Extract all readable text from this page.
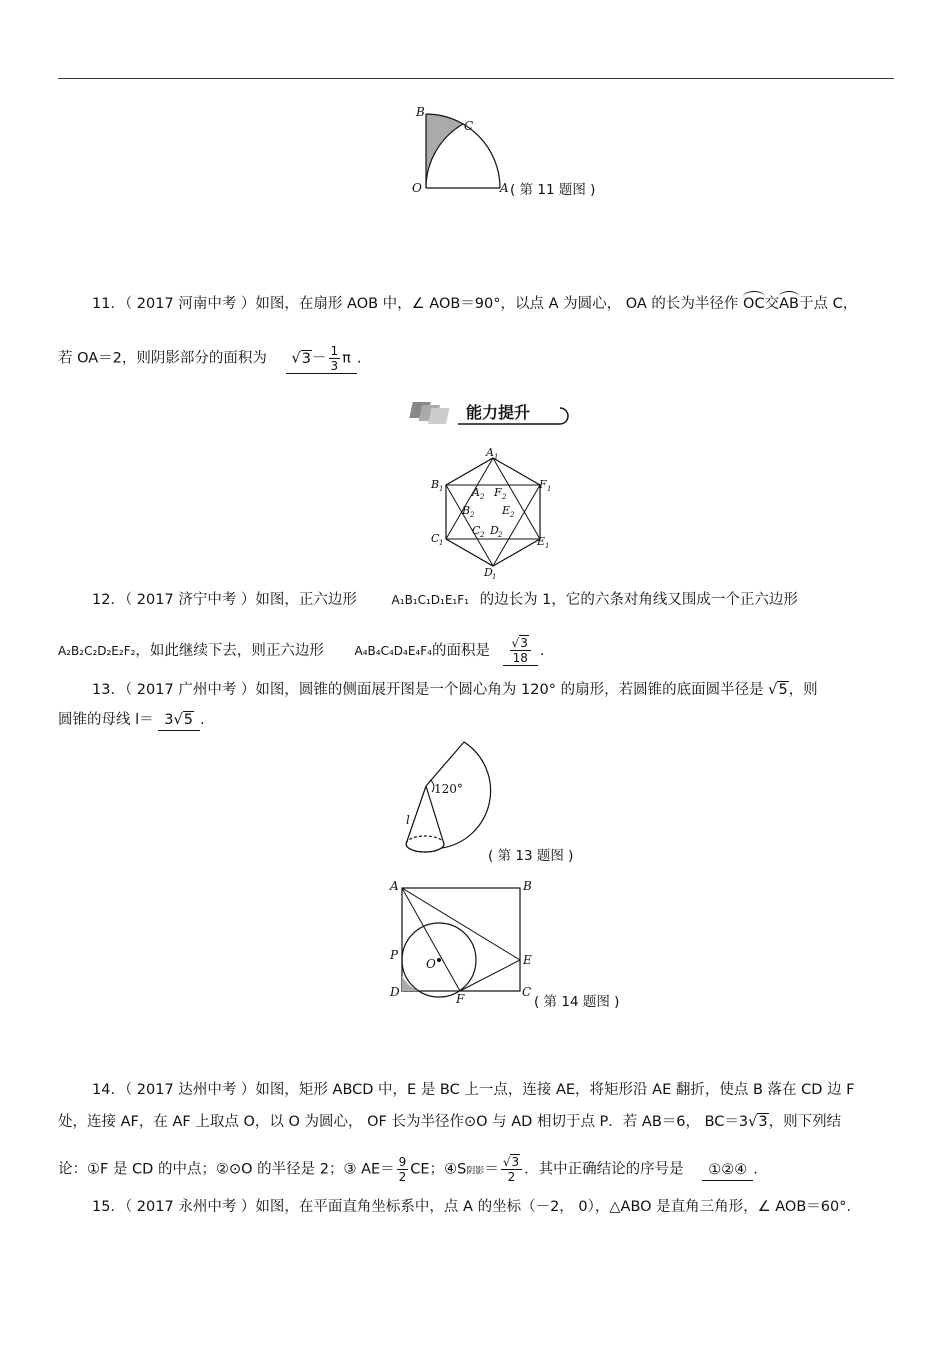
B
C
O	A ( 第 11 题图 )
11．（ 2017 河南中考 ）如图，在扇形 AOB 中，∠ AOB＝90°，以点 A 为圆心， OA 的长为半径作 OC交AB于点 C，
若 OA＝2，则阴影部分的面积为 $√3- \frac{1}{3}$ π .
能力提升
A 1
B 1	F 1
C 1	E 1
D 1
A 2 F 2
B 2	E 2
C 2 D 2
12．（ 2017 济宁中考 ）如图，正六边形	A₁B₁C₁D₁E₁F₁ 的边长为 1，它的六条对角线又围成一个正六边形
A₂B₂C₂D₂E₂F₂，如此继续下去，则正六边形	A₄B₄C₄D₄E₄F₄的面积是 $\frac{√3}{18}$ .
13．（ 2017 广州中考 ）如图，圆锥的侧面展开图是一个圆心角为 120° 的扇形，若圆锥的底面圆半径是 √5，则
圆锥的母线 l＝ 3√5 .
120°
l
( 第 13 题图 )
A	B
P
O	E
D	F	C
( 第 14 题图 )
14．（ 2017 达州中考 ）如图，矩形 ABCD 中，E 是 BC 上一点，连接 AE，将矩形沿 AE 翻折，使点 B 落在 CD 边 F
处，连接 AF，在 AF 上取点 O，以 O 为圆心， OF 长为半径作⊙O 与 AD 相切于点 P．若 AB＝6， BC＝3√3，则下列结
论：①F 是 CD 的中点；②⊙O 的半径是 2；③ $AE= \frac{9}{2}$ CE；④S阴影＝ $\frac{√3}{2}$ ．其中正确结论的序号是 ①②④ .
15．（ 2017 永州中考 ）如图，在平面直角坐标系中，点 A 的坐标（－2， 0），△ABO 是直角三角形，∠ AOB＝60°．
